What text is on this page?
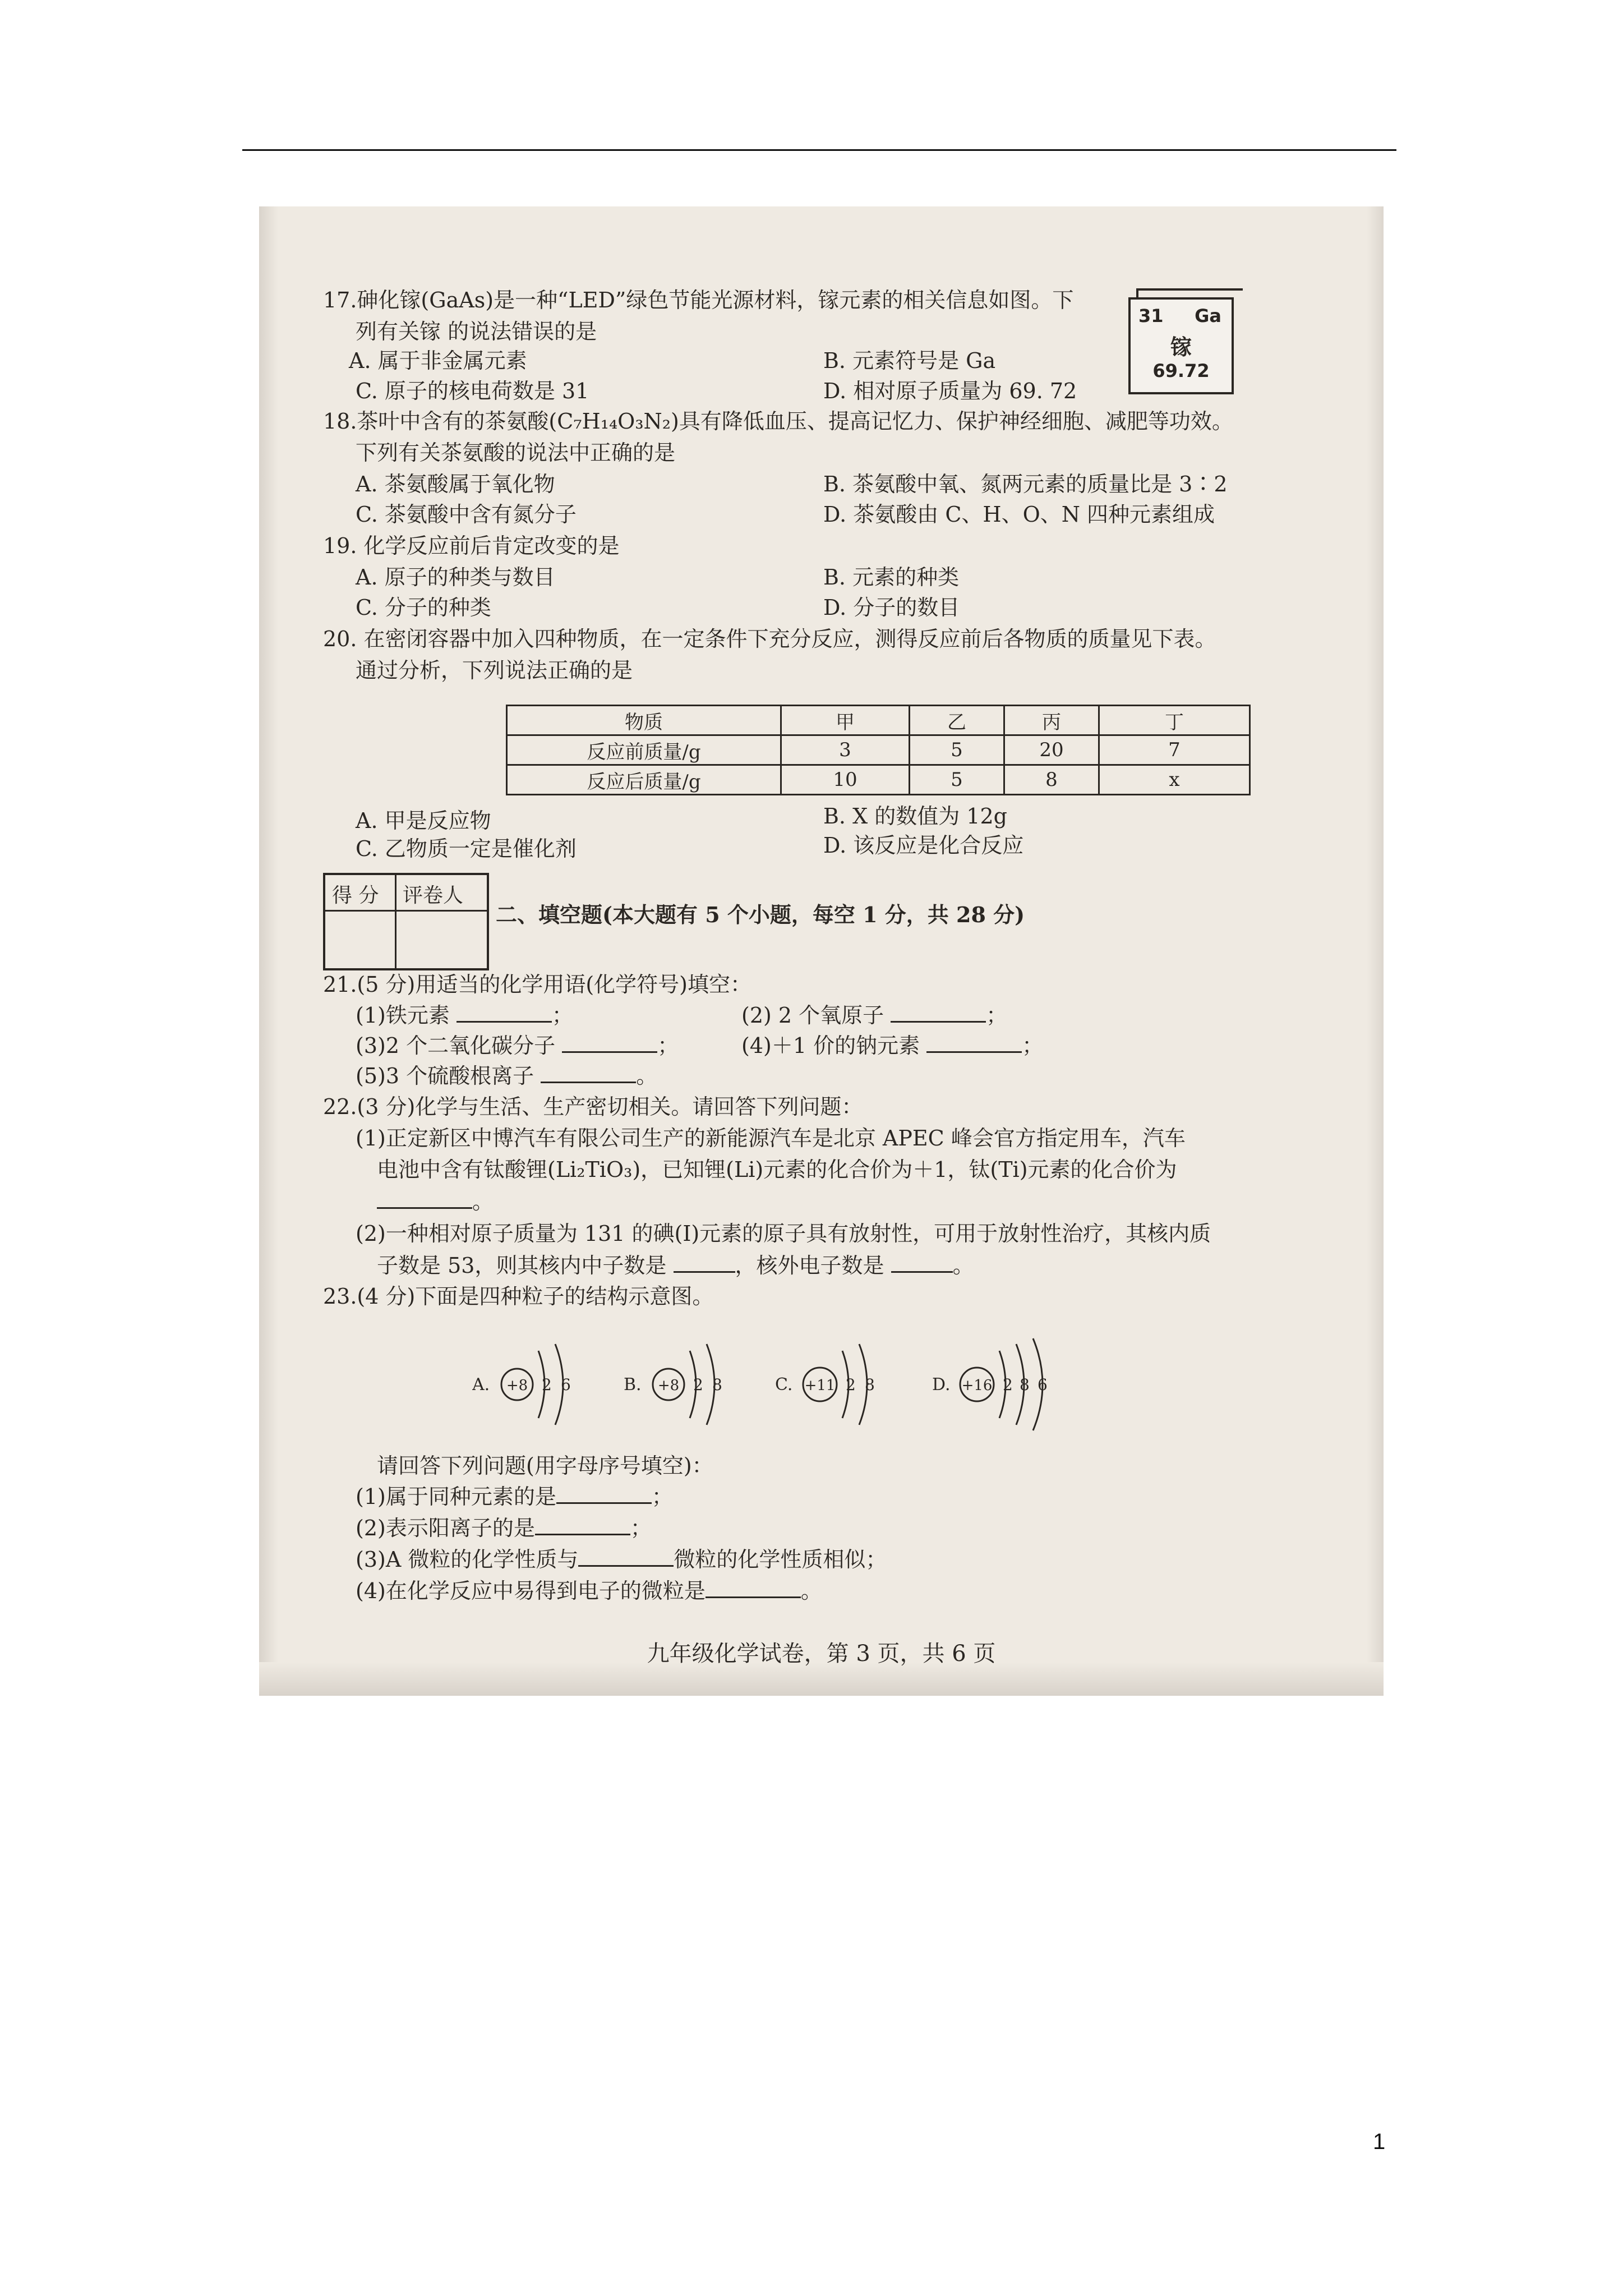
17.砷化镓(GaAs)是一种“LED”绿色节能光源材料，镓元素的相关信息如图。下
列有关镓 的说法错误的是
A. 属于非金属元素	B. 元素符号是 Ga
C. 原子的核电荷数是 31	D. 相对原子质量为 69. 72
31 Ga
镓
69.72
18.茶叶中含有的茶氨酸(C₇H₁₄O₃N₂)具有降低血压、提高记忆力、保护神经细胞、减肥等功效。
下列有关茶氨酸的说法中正确的是
A. 茶氨酸属于氧化物	B. 茶氨酸中氧、氮两元素的质量比是 3∶2
C. 茶氨酸中含有氮分子	D. 茶氨酸由 C、H、O、N 四种元素组成
19. 化学反应前后肯定改变的是
A. 原子的种类与数目	B. 元素的种类
C. 分子的种类	D. 分子的数目
20. 在密闭容器中加入四种物质，在一定条件下充分反应，测得反应前后各物质的质量见下表。
通过分析，下列说法正确的是
物质	甲	乙	丙	丁
反应前质量/g	3	5	20	7
反应后质量/g	10	5	8	x
A. 甲是反应物	B. X 的数值为 12g
C. 乙物质一定是催化剂	D. 该反应是化合反应
得 分 评卷人
二、填空题(本大题有 5 个小题，每空 1 分，共 28 分)
21.(5 分)用适当的化学用语(化学符号)填空：
(1)铁元素	；	(2) 2 个氧原子	；
(3)2 个二氧化碳分子	；	(4)＋1 价的钠元素	；
(5)3 个硫酸根离子	。
22.(3 分)化学与生活、生产密切相关。请回答下列问题：
(1)正定新区中博汽车有限公司生产的新能源汽车是北京 APEC 峰会官方指定用车，汽车
电池中含有钛酸锂(Li₂TiO₃)，已知锂(Li)元素的化合价为＋1，钛(Ti)元素的化合价为
。
(2)一种相对原子质量为 131 的碘(I)元素的原子具有放射性，可用于放射性治疗，其核内质
子数是 53，则其核内中子数是	，核外电子数是	。
23.(4 分)下面是四种粒子的结构示意图。
A. +8 2 6	B. +8 2 8	C. +11 2 8	D. +16 2 8 6
请回答下列问题(用字母序号填空)：
(1)属于同种元素的是	；
(2)表示阳离子的是	；
(3)A 微粒的化学性质与	微粒的化学性质相似；
(4)在化学反应中易得到电子的微粒是	。
九年级化学试卷，第 3 页，共 6 页
1
